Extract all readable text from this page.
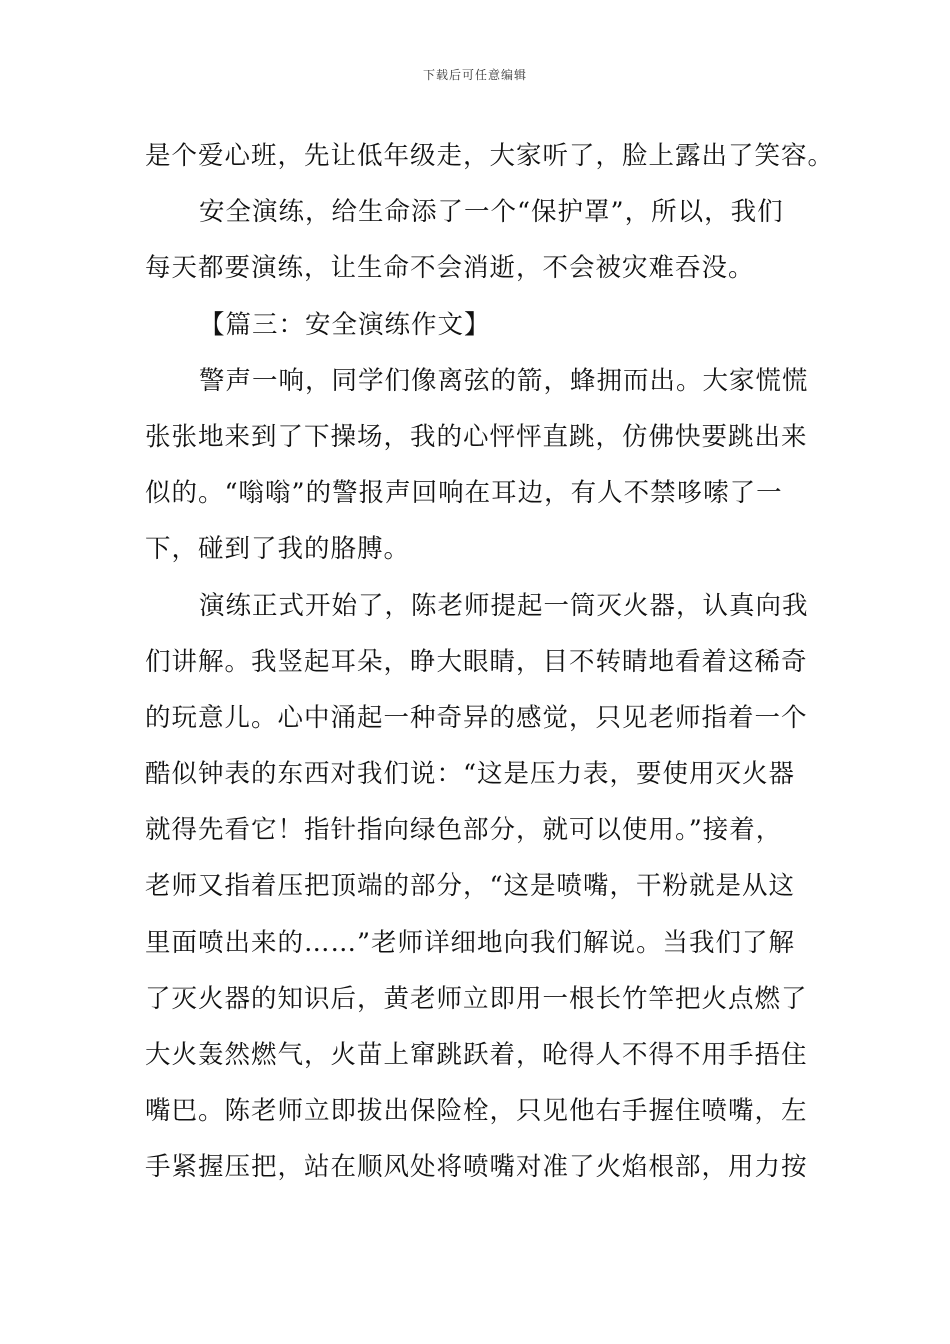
下载后可任意编辑
是个爱心班，先让低年级走，大家听了，脸上露出了笑容。
安全演练，给生命添了一个“保护罩”，所以，我们
每天都要演练，让生命不会消逝，不会被灾难吞没。
【篇三：安全演练作文】
警声一响，同学们像离弦的箭，蜂拥而出。大家慌慌
张张地来到了下操场，我的心怦怦直跳，仿佛快要跳出来
似的。“嗡嗡”的警报声回响在耳边，有人不禁哆嗦了一
下，碰到了我的胳膊。
演练正式开始了，陈老师提起一筒灭火器，认真向我
们讲解。我竖起耳朵，睁大眼睛，目不转睛地看着这稀奇
的玩意儿。心中涌起一种奇异的感觉，只见老师指着一个
酷似钟表的东西对我们说：“这是压力表，要使用灭火器
就得先看它！指针指向绿色部分，就可以使用。”接着，
老师又指着压把顶端的部分，“这是喷嘴，干粉就是从这
里面喷出来的……”老师详细地向我们解说。当我们了解
了灭火器的知识后，黄老师立即用一根长竹竿把火点燃了
大火轰然燃气，火苗上窜跳跃着，呛得人不得不用手捂住
嘴巴。陈老师立即拔出保险栓，只见他右手握住喷嘴，左
手紧握压把，站在顺风处将喷嘴对准了火焰根部，用力按
